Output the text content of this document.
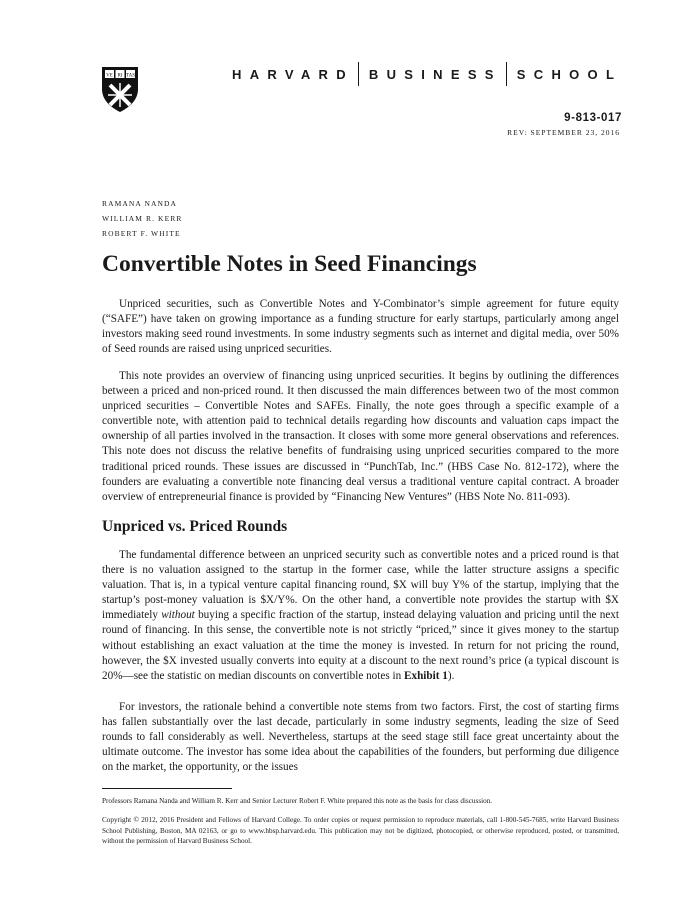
VE RI TAS	HARVARD BUSINESS SCHOOL
9-813-017
REV: SEPTEMBER 23, 2016
RAMANA NANDA
WILLIAM R. KERR
ROBERT F. WHITE
Convertible Notes in Seed Financings

Unpriced securities, such as Convertible Notes and Y-Combinator’s simple agreement for future equity (“SAFE”) have taken on growing importance as a funding structure for early startups, particularly among angel investors making seed round investments. In some industry segments such as internet and digital media, over 50% of Seed rounds are raised using unpriced securities.

This note provides an overview of financing using unpriced securities. It begins by outlining the differences between a priced and non-priced round. It then discussed the main differences between two of the most common unpriced securities – Convertible Notes and SAFEs. Finally, the note goes through a specific example of a convertible note, with attention paid to technical details regarding how discounts and valuation caps impact the ownership of all parties involved in the transaction. It closes with some more general observations and references. This note does not discuss the relative benefits of fundraising using unpriced securities compared to the more traditional priced rounds. These issues are discussed in “PunchTab, Inc.” (HBS Case No. 812-172), where the founders are evaluating a convertible note financing deal versus a traditional venture capital contract. A broader overview of entrepreneurial finance is provided by “Financing New Ventures” (HBS Note No. 811-093).

Unpriced vs. Priced Rounds

The fundamental difference between an unpriced security such as convertible notes and a priced round is that there is no valuation assigned to the startup in the former case, while the latter structure assigns a specific valuation. That is, in a typical venture capital financing round, $X will buy Y% of the startup, implying that the startup’s post-money valuation is $X/Y%. On the other hand, a convertible note provides the startup with $X immediately without buying a specific fraction of the startup, instead delaying valuation and pricing until the next round of financing. In this sense, the convertible note is not strictly “priced,” since it gives money to the startup without establishing an exact valuation at the time the money is invested. In return for not pricing the round, however, the $X invested usually converts into equity at a discount to the next round’s price (a typical discount is 20%—see the statistic on median discounts on convertible notes in Exhibit 1).

For investors, the rationale behind a convertible note stems from two factors. First, the cost of starting firms has fallen substantially over the last decade, particularly in some industry segments, leading the size of Seed rounds to fall considerably as well. Nevertheless, startups at the seed stage still face great uncertainty about the ultimate outcome. The investor has some idea about the capabilities of the founders, but performing due diligence on the market, the opportunity, or the issues

Professors Ramana Nanda and William R. Kerr and Senior Lecturer Robert F. White prepared this note as the basis for class discussion.

Copyright © 2012, 2016 President and Fellows of Harvard College. To order copies or request permission to reproduce materials, call 1-800-545-7685, write Harvard Business School Publishing, Boston, MA 02163, or go to www.hbsp.harvard.edu. This publication may not be digitized, photocopied, or otherwise reproduced, posted, or transmitted, without the permission of Harvard Business School.
